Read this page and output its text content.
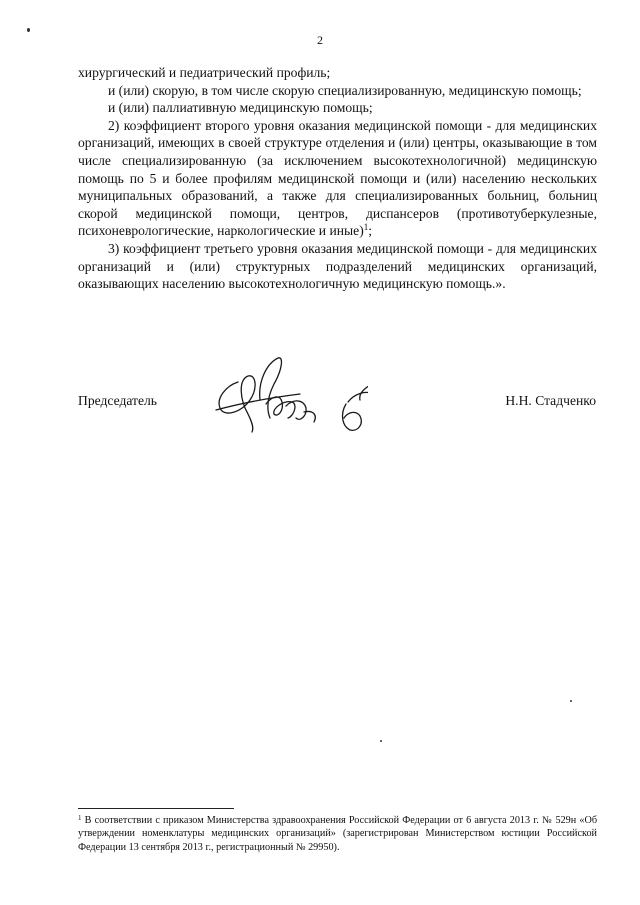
2

хирургический и педиатрический профиль;

и (или) скорую, в том числе скорую специализированную, медицинскую помощь;

и (или) паллиативную медицинскую помощь;

2) коэффициент второго уровня оказания медицинской помощи - для медицинских организаций, имеющих в своей структуре отделения и (или) центры, оказывающие в том числе специализированную (за исключением высокотехнологичной) медицинскую помощь по 5 и более профилям медицинской помощи и (или) населению нескольких муниципальных образований, а также для специализированных больниц, больниц скорой медицинской помощи, центров, диспансеров (противотуберкулезные, психоневрологические, наркологические и иные)$^1$;

3) коэффициент третьего уровня оказания медицинской помощи - для медицинских организаций и (или) структурных подразделений медицинских организаций, оказывающих населению высокотехнологичную медицинскую помощь.».

Председатель	Н.Н. Стадченко
$^1$ В соответствии с приказом Министерства здравоохранения Российской Федерации от 6 августа 2013 г. № 529н «Об утверждении номенклатуры медицинских организаций» (зарегистрирован Министерством юстиции Российской Федерации 13 сентября 2013 г., регистрационный № 29950).
